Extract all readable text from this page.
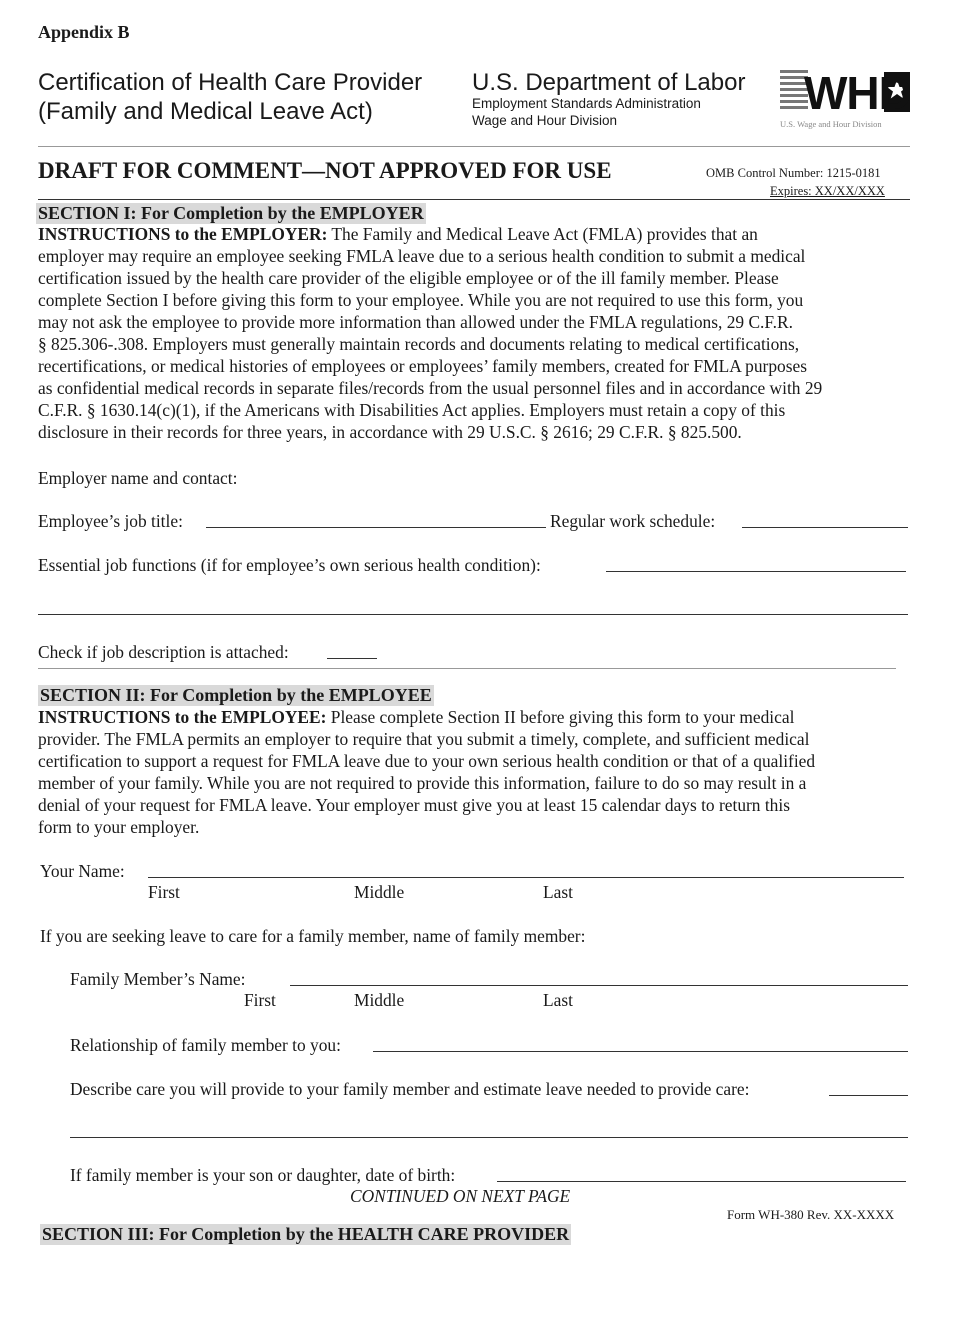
Appendix B
Certification of Health Care Provider
(Family and Medical Leave Act)
U.S. Department of Labor
Employment Standards Administration
Wage and Hour Division
WHD
U.S. Wage and Hour Division
DRAFT FOR COMMENT—NOT APPROVED FOR USE	OMB Control Number: 1215-0181
Expires: XX/XX/XXX
SECTION I: For Completion by the EMPLOYER
INSTRUCTIONS to the EMPLOYER: The Family and Medical Leave Act (FMLA) provides that an
employer may require an employee seeking FMLA leave due to a serious health condition to submit a medical
certification issued by the health care provider of the eligible employee or of the ill family member. Please
complete Section I before giving this form to your employee. While you are not required to use this form, you
may not ask the employee to provide more information than allowed under the FMLA regulations, 29 C.F.R.
§ 825.306-.308. Employers must generally maintain records and documents relating to medical certifications,
recertifications, or medical histories of employees or employees’ family members, created for FMLA purposes
as confidential medical records in separate files/records from the usual personnel files and in accordance with 29
C.F.R. § 1630.14(c)(1), if the Americans with Disabilities Act applies. Employers must retain a copy of this
disclosure in their records for three years, in accordance with 29 U.S.C. § 2616; 29 C.F.R. § 825.500.
Employer name and contact:
Employee’s job title:	Regular work schedule:
Essential job functions (if for employee’s own serious health condition):
Check if job description is attached:
SECTION II: For Completion by the EMPLOYEE
INSTRUCTIONS to the EMPLOYEE: Please complete Section II before giving this form to your medical
provider. The FMLA permits an employer to require that you submit a timely, complete, and sufficient medical
certification to support a request for FMLA leave due to your own serious health condition or that of a qualified
member of your family. While you are not required to provide this information, failure to do so may result in a
denial of your request for FMLA leave. Your employer must give you at least 15 calendar days to return this
form to your employer.
Your Name:
First	Middle	Last
If you are seeking leave to care for a family member, name of family member:
Family Member’s Name:
First	Middle	Last
Relationship of family member to you:
Describe care you will provide to your family member and estimate leave needed to provide care:
If family member is your son or daughter, date of birth:
CONTINUED ON NEXT PAGE
Form WH-380 Rev. XX-XXXX
SECTION III: For Completion by the HEALTH CARE PROVIDER
